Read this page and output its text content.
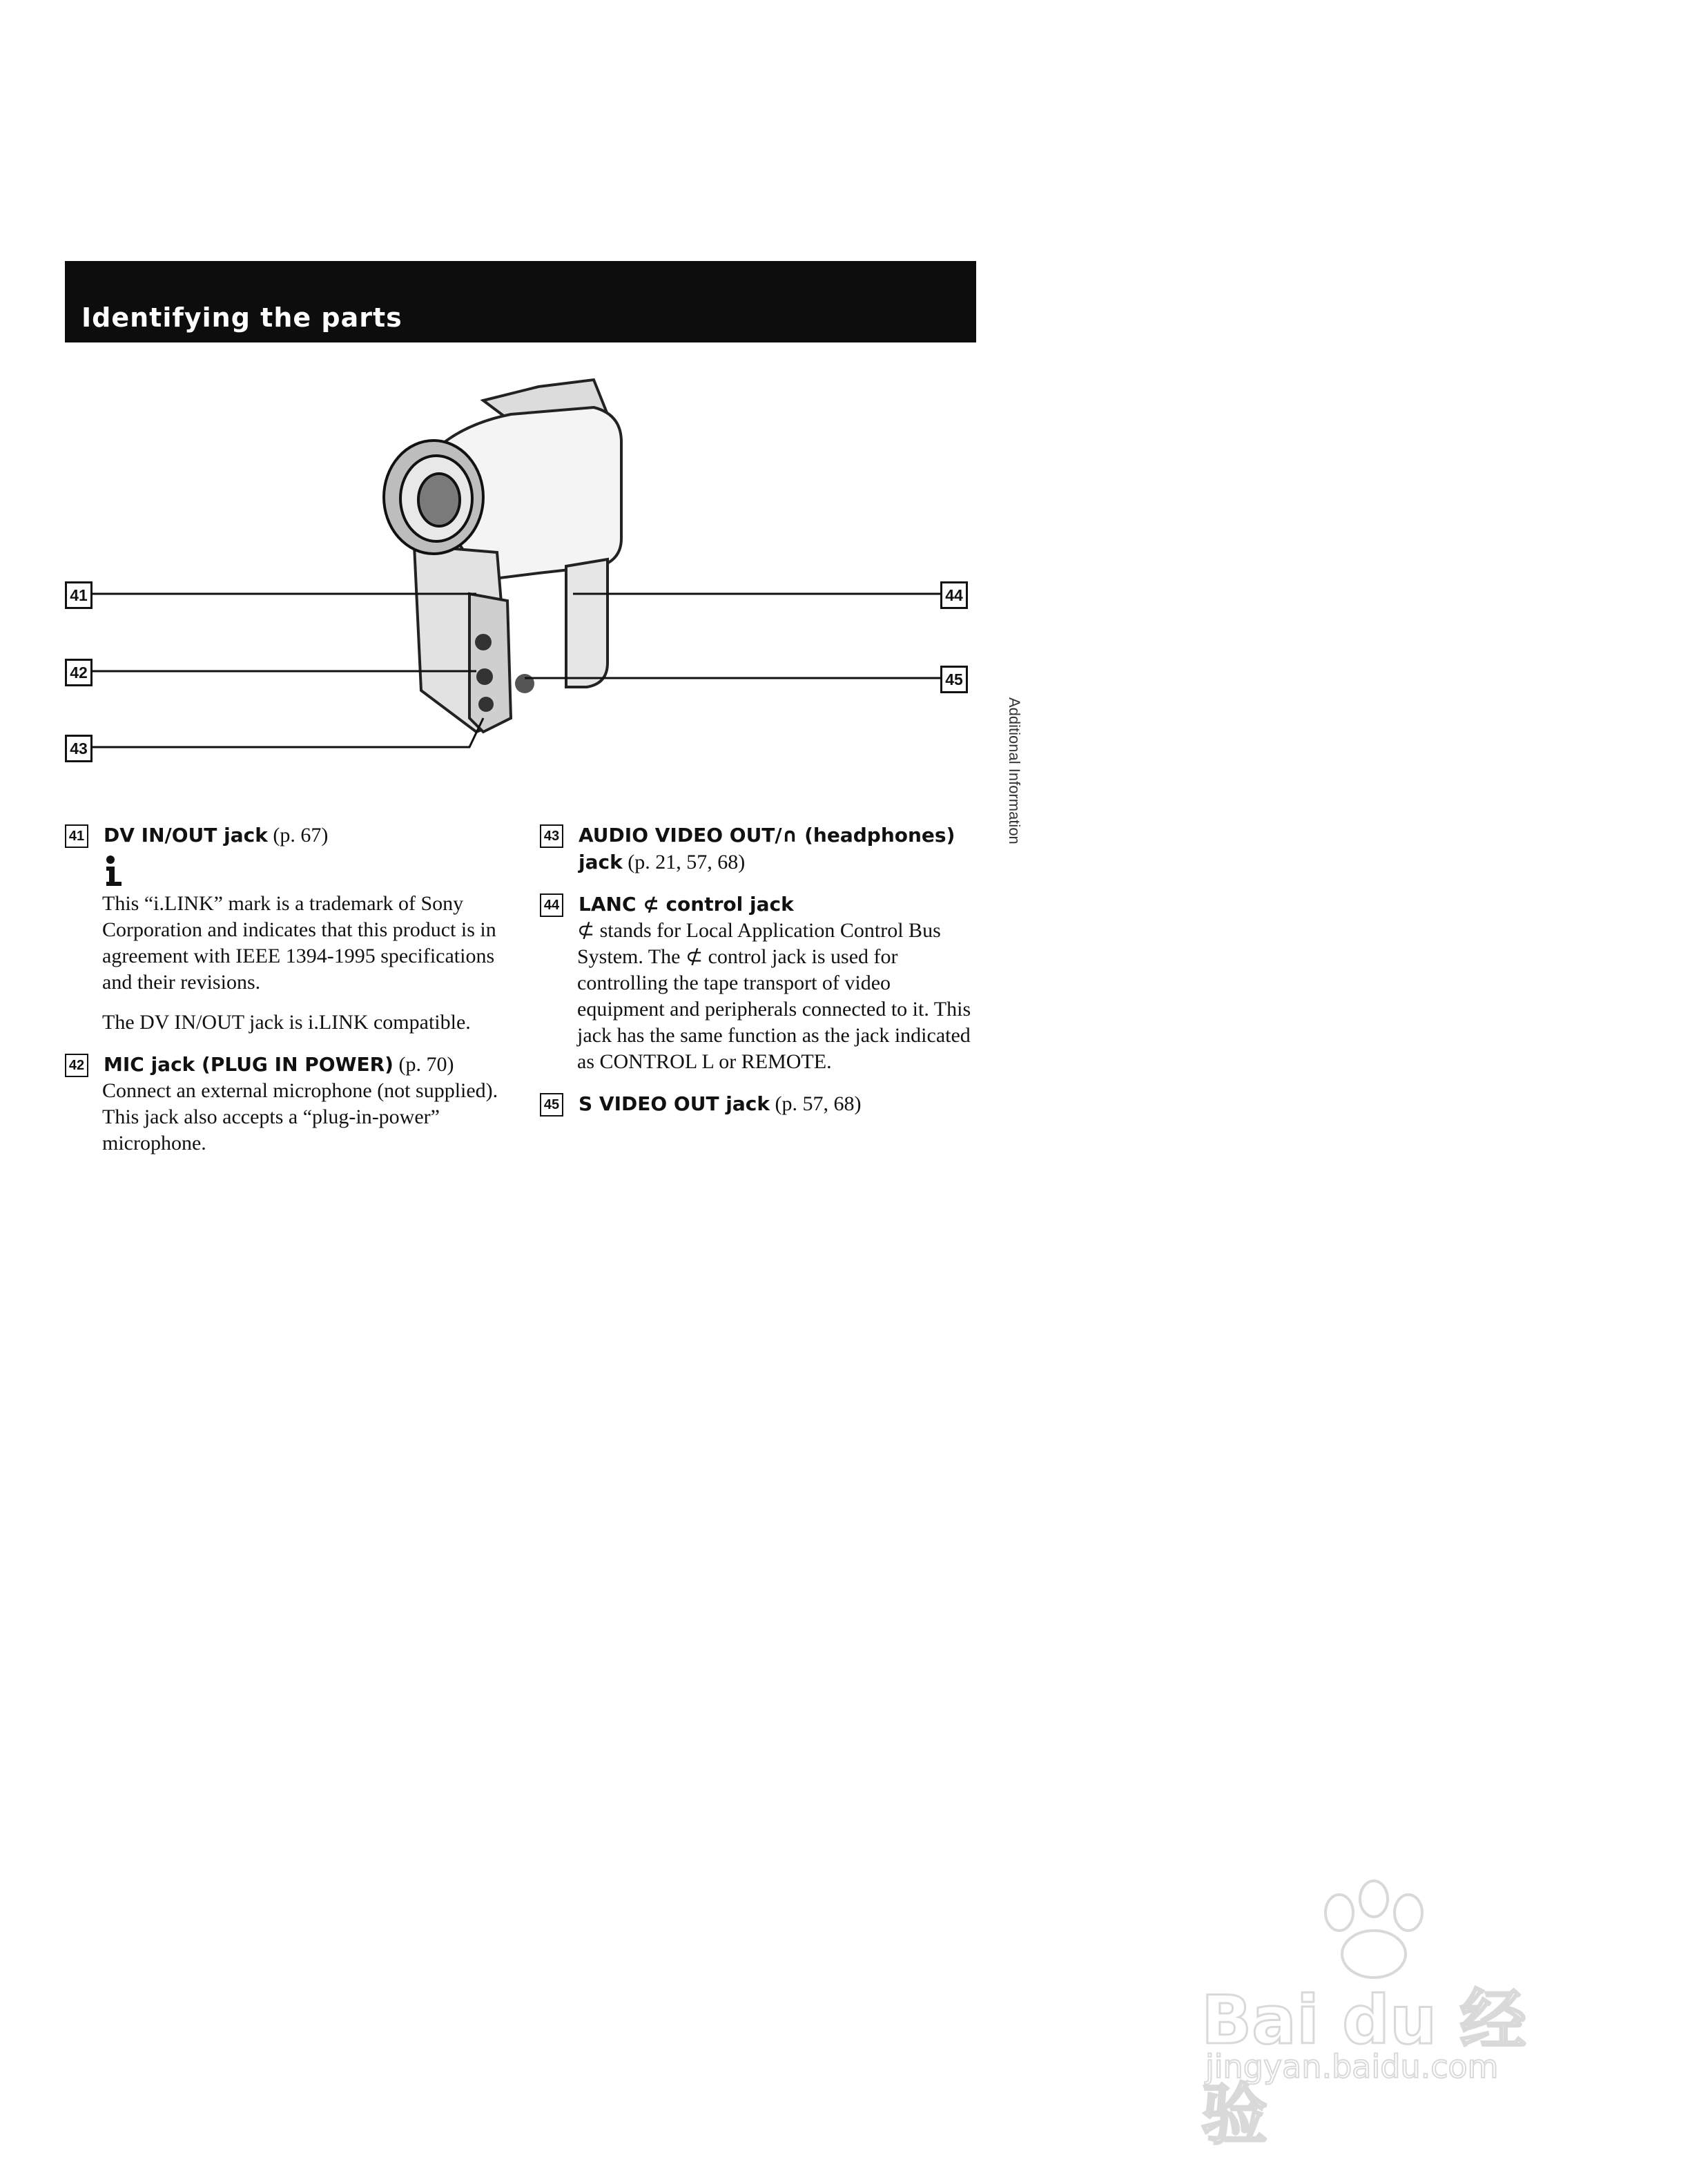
Identifying the parts
41
42
43
44
45
Additional Information
41 DV IN/OUT jack (p. 67)
This “i.LINK” mark is a trademark of Sony Corporation and indicates that this product is in agreement with IEEE 1394-1995 specifications and their revisions.
The DV IN/OUT jack is i.LINK compatible.
42 MIC jack (PLUG IN POWER) (p. 70)
Connect an external microphone (not supplied). This jack also accepts a “plug-in-power” microphone.
43 AUDIO VIDEO OUT/∩ (headphones) jack (p. 21, 57, 68)
44 LANC ⊄ control jack
⊄ stands for Local Application Control Bus System. The ⊄ control jack is used for controlling the tape transport of video equipment and peripherals connected to it. This jack has the same function as the jack indicated as CONTROL L or REMOTE.
45 S VIDEO OUT jack (p. 57, 68)
Bai du 经验
jingyan.baidu.com
